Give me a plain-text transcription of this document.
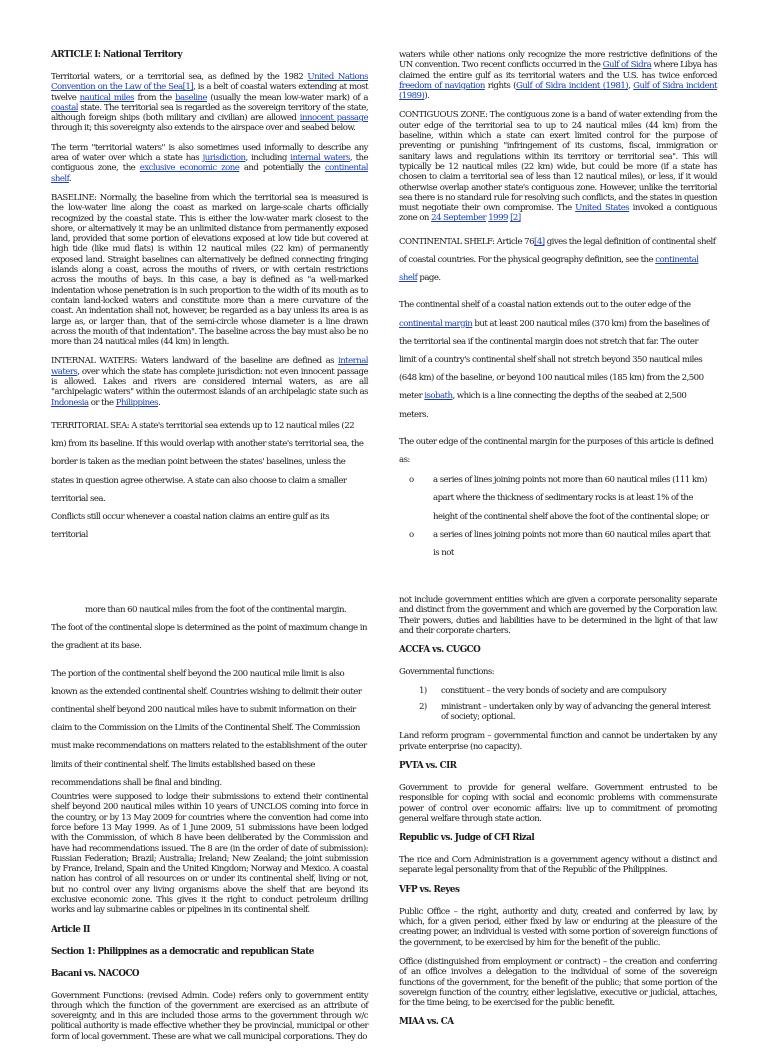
ARTICLE I: National Territory

Territorial waters, or a territorial sea, as defined by the 1982 United Nations Convention on the Law of the Sea[1], is a belt of coastal waters extending at most twelve nautical miles from the baseline (usually the mean low-water mark) of a coastal state. The territorial sea is regarded as the sovereign territory of the state, although foreign ships (both military and civilian) are allowed innocent passage through it; this sovereignty also extends to the airspace over and seabed below.

The term "territorial waters" is also sometimes used informally to describe any area of water over which a state has jurisdiction, including internal waters, the contiguous zone, the exclusive economic zone and potentially the continental shelf.

BASELINE: Normally, the baseline from which the territorial sea is measured is the low-water line along the coast as marked on large-scale charts officially recognized by the coastal state. This is either the low-water mark closest to the shore, or alternatively it may be an unlimited distance from permanently exposed land, provided that some portion of elevations exposed at low tide but covered at high tide (like mud flats) is within 12 nautical miles (22 km) of permanently exposed land. Straight baselines can alternatively be defined connecting fringing islands along a coast, across the mouths of rivers, or with certain restrictions across the mouths of bays. In this case, a bay is defined as "a well-marked indentation whose penetration is in such proportion to the width of its mouth as to contain land-locked waters and constitute more than a mere curvature of the coast. An indentation shall not, however, be regarded as a bay unless its area is as large as, or larger than, that of the semi-circle whose diameter is a line drawn across the mouth of that indentation". The baseline across the bay must also be no more than 24 nautical miles (44 km) in length.

INTERNAL WATERS: Waters landward of the baseline are defined as internal waters, over which the state has complete jurisdiction: not even innocent passage is allowed. Lakes and rivers are considered internal waters, as are all "archipelagic waters" within the outermost islands of an archipelagic state such as Indonesia or the Philippines.

TERRITORIAL SEA: A state's territorial sea extends up to 12 nautical miles (22 km) from its baseline. If this would overlap with another state's territorial sea, the border is taken as the median point between the states' baselines, unless the states in question agree otherwise. A state can also choose to claim a smaller territorial sea.

Conflicts still occur whenever a coastal nation claims an entire gulf as its territorial

waters while other nations only recognize the more restrictive definitions of the UN convention. Two recent conflicts occurred in the Gulf of Sidra where Libya has claimed the entire gulf as its territorial waters and the U.S. has twice enforced freedom of navigation rights (Gulf of Sidra incident (1981), Gulf of Sidra incident (1989)).

CONTIGUOUS ZONE: The contiguous zone is a band of water extending from the outer edge of the territorial sea to up to 24 nautical miles (44 km) from the baseline, within which a state can exert limited control for the purpose of preventing or punishing "infringement of its customs, fiscal, immigration or sanitary laws and regulations within its territory or territorial sea". This will typically be 12 nautical miles (22 km) wide, but could be more (if a state has chosen to claim a territorial sea of less than 12 nautical miles), or less, if it would otherwise overlap another state's contiguous zone. However, unlike the territorial sea there is no standard rule for resolving such conflicts, and the states in question must negotiate their own compromise. The United States invoked a contiguous zone on 24 September 1999 [2]

CONTINENTAL SHELF: Article 76[4] gives the legal definition of continental shelf of coastal countries. For the physical geography definition, see the continental shelf page.

The continental shelf of a coastal nation extends out to the outer edge of the continental margin but at least 200 nautical miles (370 km) from the baselines of the territorial sea if the continental margin does not stretch that far. The outer limit of a country's continental shelf shall not stretch beyond 350 nautical miles (648 km) of the baseline, or beyond 100 nautical miles (185 km) from the 2,500 meter isobath, which is a line connecting the depths of the seabed at 2,500 meters.

The outer edge of the continental margin for the purposes of this article is defined as:

o a series of lines joining points not more than 60 nautical miles (111 km) apart where the thickness of sedimentary rocks is at least 1% of the height of the continental shelf above the foot of the continental slope; or
o a series of lines joining points not more than 60 nautical miles apart that is not

more than 60 nautical miles from the foot of the continental margin.

The foot of the continental slope is determined as the point of maximum change in the gradient at its base.

The portion of the continental shelf beyond the 200 nautical mile limit is also known as the extended continental shelf. Countries wishing to delimit their outer continental shelf beyond 200 nautical miles have to submit information on their claim to the Commission on the Limits of the Continental Shelf. The Commission must make recommendations on matters related to the establishment of the outer limits of their continental shelf. The limits established based on these recommendations shall be final and binding.

Countries were supposed to lodge their submissions to extend their continental shelf beyond 200 nautical miles within 10 years of UNCLOS coming into force in the country, or by 13 May 2009 for countries where the convention had come into force before 13 May 1999. As of 1 June 2009, 51 submissions have been lodged with the Commission, of which 8 have been deliberated by the Commission and have had recommendations issued. The 8 are (in the order of date of submission): Russian Federation; Brazil; Australia; Ireland; New Zealand; the joint submission by France, Ireland, Spain and the United Kingdom; Norway and Mexico. A coastal nation has control of all resources on or under its continental shelf, living or not, but no control over any living organisms above the shelf that are beyond its exclusive economic zone. This gives it the right to conduct petroleum drilling works and lay submarine cables or pipelines in its continental shelf.

Article II
Section 1: Philippines as a democratic and republican State
Bacani vs. NACOCO

Government Functions: (revised Admin. Code) refers only to government entity through which the function of the government are exercised as an attribute of sovereignty, and in this are included those arms to the government through w/c political authority is made effective whether they be provincial, municipal or other form of local government. These are what we call municipal corporations. They do

not include government entities which are given a corporate personality separate and distinct from the government and which are governed by the Corporation law. Their powers, duties and liabilities have to be determined in the light of that law and their corporate charters.

ACCFA vs. CUGCO

Governmental functions:

1) constituent – the very bonds of society and are compulsory
2) ministrant – undertaken only by way of advancing the general interest of society; optional.

Land reform program – governmental function and cannot be undertaken by any private enterprise (no capacity).

PVTA vs. CIR

Government to provide for general welfare. Government entrusted to be responsible for coping with social and economic problems with commensurate power of control over economic affairs: live up to commitment of promoting general welfare through state action.

Republic vs. Judge of CFI Rizal

The rice and Corn Administration is a government agency without a distinct and separate legal personality from that of the Republic of the Philippines.

VFP vs. Reyes

Public Office – the right, authority and duty, created and conferred by law, by which, for a given period, either fixed by law or enduring at the pleasure of the creating power, an individual is vested with some portion of sovereign functions of the government, to be exercised by him for the benefit of the public.

Office (distinguished from employment or contract) – the creation and conferring of an office involves a delegation to the individual of some of the sovereign functions of the government, for the benefit of the public; that some portion of the sovereign function of the country, either legislative, executive or judicial, attaches, for the time being, to be exercised for the public benefit.

MIAA vs. CA
